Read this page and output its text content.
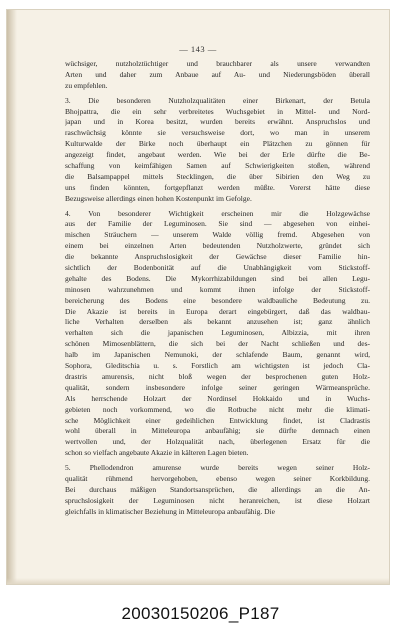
— 143 —
wüchsiger, nutzholztüchtiger und brauchbarer als unsere verwandten
Arten und daher zum Anbaue auf Au- und Niederungsböden überall
zu empfehlen.
3. Die besonderen Nutzholzqualitäten einer Birkenart, der Betula
Bhojpattra, die ein sehr verbreitetes Wuchsgebiet in Mittel- und Nord-
japan und in Korea besitzt, wurden bereits erwähnt. Anspruchslos und
raschwüchsig könnte sie versuchsweise dort, wo man in unserem
Kulturwalde der Birke noch überhaupt ein Plätzchen zu gönnen für
angezeigt findet, angebaut werden. Wie bei der Erle dürfte die Be-
schaffung von keimfähigen Samen auf Schwierigkeiten stoßen, während
die Balsampappel mittels Stecklingen, die über Sibirien den Weg zu
uns finden könnten, fortgepflanzt werden müßte. Vorerst hätte diese
Bezugsweise allerdings einen hohen Kostenpunkt im Gefolge.
4. Von besonderer Wichtigkeit erscheinen mir die Holzgewächse
aus der Familie der Leguminosen. Sie sind — abgesehen von einhei-
mischen Sträuchern — unserem Walde völlig fremd. Abgesehen von
einem bei einzelnen Arten bedeutenden Nutzholzwerte, gründet sich
die bekannte Anspruchslosigkeit der Gewächse dieser Familie hin-
sichtlich der Bodenbonität auf die Unabhängigkeit vom Stickstoff-
gehalte des Bodens. Die Mykorrhizabildungen sind bei allen Legu-
minosen wahrzunehmen und kommt ihnen infolge der Stickstoff-
bereicherung des Bodens eine besondere waldbauliche Bedeutung zu.
Die Akazie ist bereits in Europa derart eingebürgert, daß das waldbau-
liche Verhalten derselben als bekannt anzusehen ist; ganz ähnlich
verhalten sich die japanischen Leguminosen, Albizzia, mit ihren
schönen Mimosenblättern, die sich bei der Nacht schließen und des-
halb im Japanischen Nemunoki, der schlafende Baum, genannt wird,
Sophora, Gleditschia u. s. Forstlich am wichtigsten ist jedoch Cla-
drastris amurensis, nicht bloß wegen der besprochenen guten Holz-
qualität, sondern insbesondere infolge seiner geringen Wärmeansprüche.
Als herrschende Holzart der Nordinsel Hokkaido und in Wuchs-
gebieten noch vorkommend, wo die Rotbuche nicht mehr die klimati-
sche Möglichkeit einer gedeihlichen Entwicklung findet, ist Cladrastis
wohl überall in Mitteleuropa anbaufähig; sie dürfte demnach einen
wertvollen und, der Holzqualität nach, überlegenen Ersatz für die
schon so vielfach angebaute Akazie in kälteren Lagen bieten.
5. Phellodendron amurense wurde bereits wegen seiner Holz-
qualität rühmend hervorgehoben, ebenso wegen seiner Korkbildung.
Bei durchaus mäßigen Standortsansprüchen, die allerdings an die An-
spruchslosigkeit der Leguminosen nicht heranreichen, ist diese Holzart
gleichfalls in klimatischer Beziehung in Mitteleuropa anbaufähig. Die
20030150206_P187
